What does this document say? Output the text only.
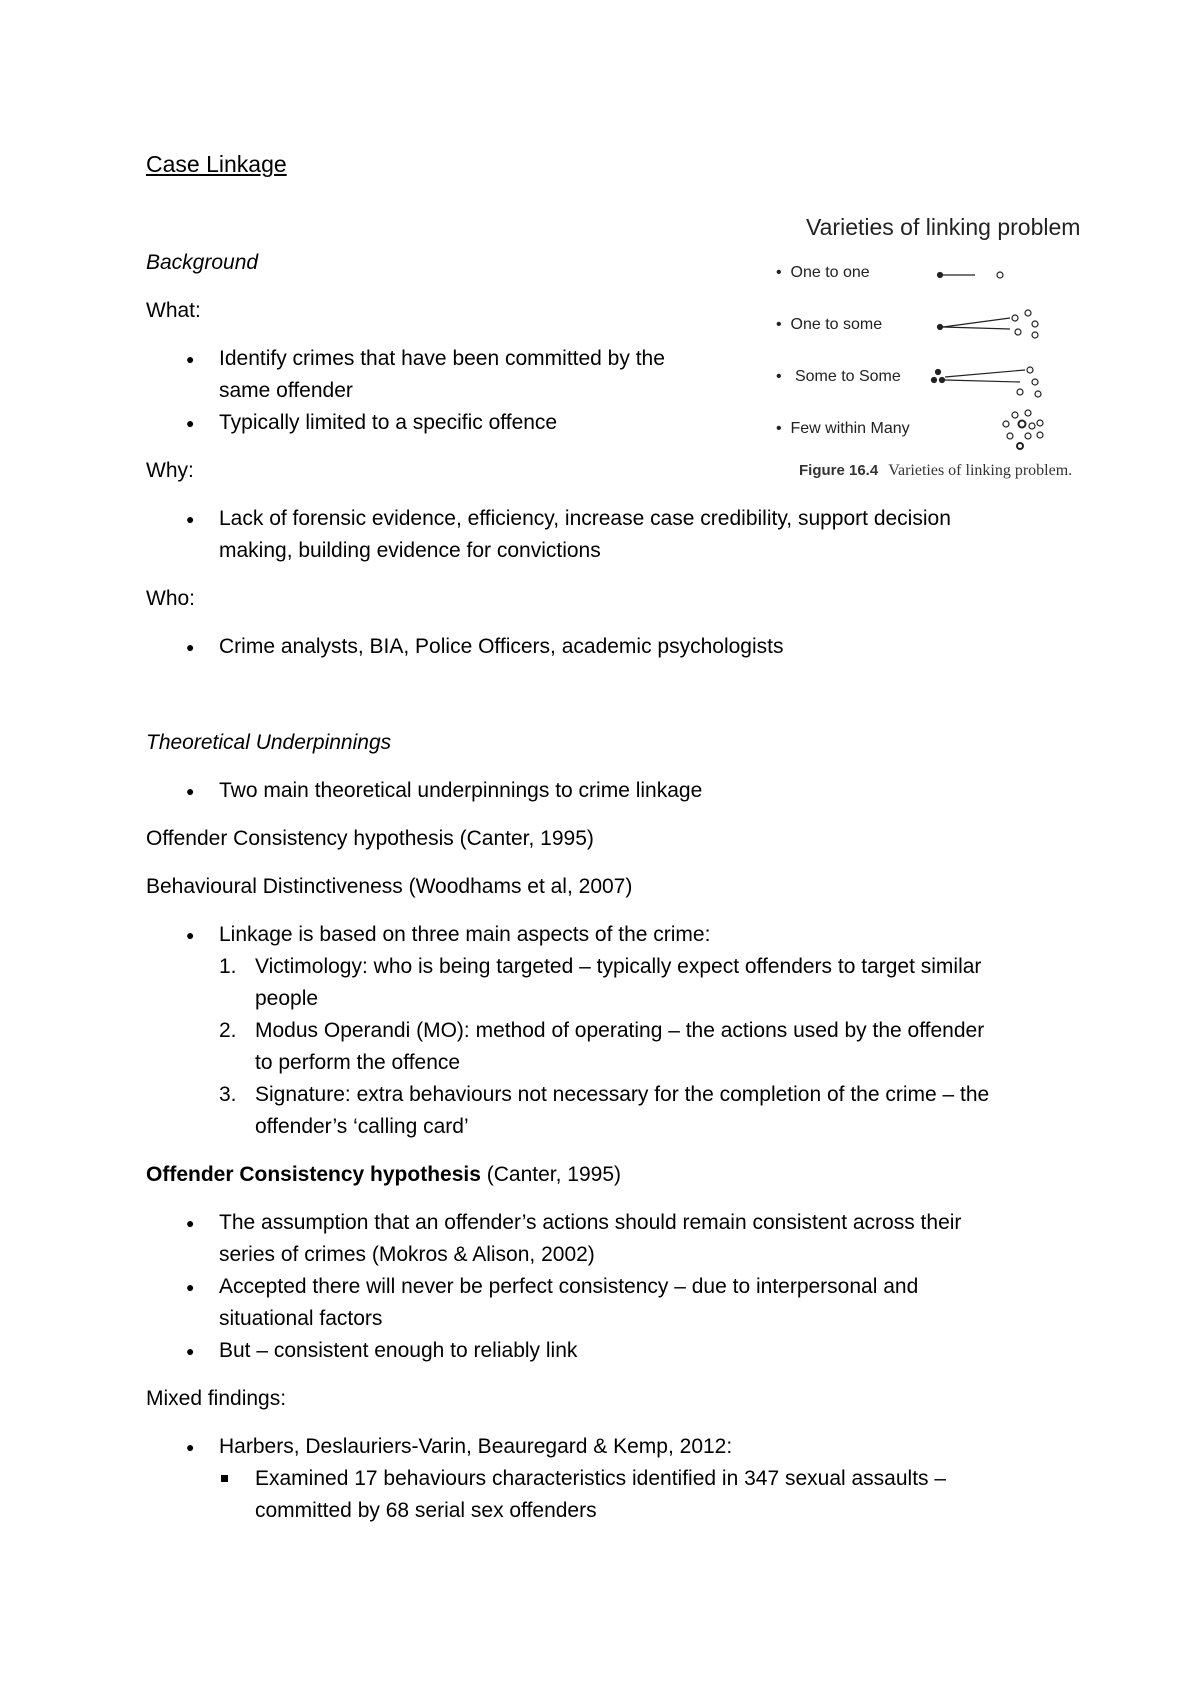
Case Linkage
Background
What:
● Identify crimes that have been committed by the
same offender
● Typically limited to a specific offence
Why:
● Lack of forensic evidence, efficiency, increase case credibility, support decision
making, building evidence for convictions
Who:
● Crime analysts, BIA, Police Officers, academic psychologists
Varieties of linking problem
• One to one
• One to some
• Some to Some
• Few within Many
Figure 16.4 Varieties of linking problem.
Theoretical Underpinnings
● Two main theoretical underpinnings to crime linkage
Offender Consistency hypothesis (Canter, 1995)
Behavioural Distinctiveness (Woodhams et al, 2007)
● Linkage is based on three main aspects of the crime:
1. Victimology: who is being targeted – typically expect offenders to target similar
people
2. Modus Operandi (MO): method of operating – the actions used by the offender
to perform the offence
3. Signature: extra behaviours not necessary for the completion of the crime – the
offender’s ‘calling card’
Offender Consistency hypothesis (Canter, 1995)
● The assumption that an offender’s actions should remain consistent across their
series of crimes (Mokros & Alison, 2002)
● Accepted there will never be perfect consistency – due to interpersonal and
situational factors
● But – consistent enough to reliably link
Mixed findings:
● Harbers, Deslauriers-Varin, Beauregard & Kemp, 2012:
Examined 17 behaviours characteristics identified in 347 sexual assaults –
committed by 68 serial sex offenders
